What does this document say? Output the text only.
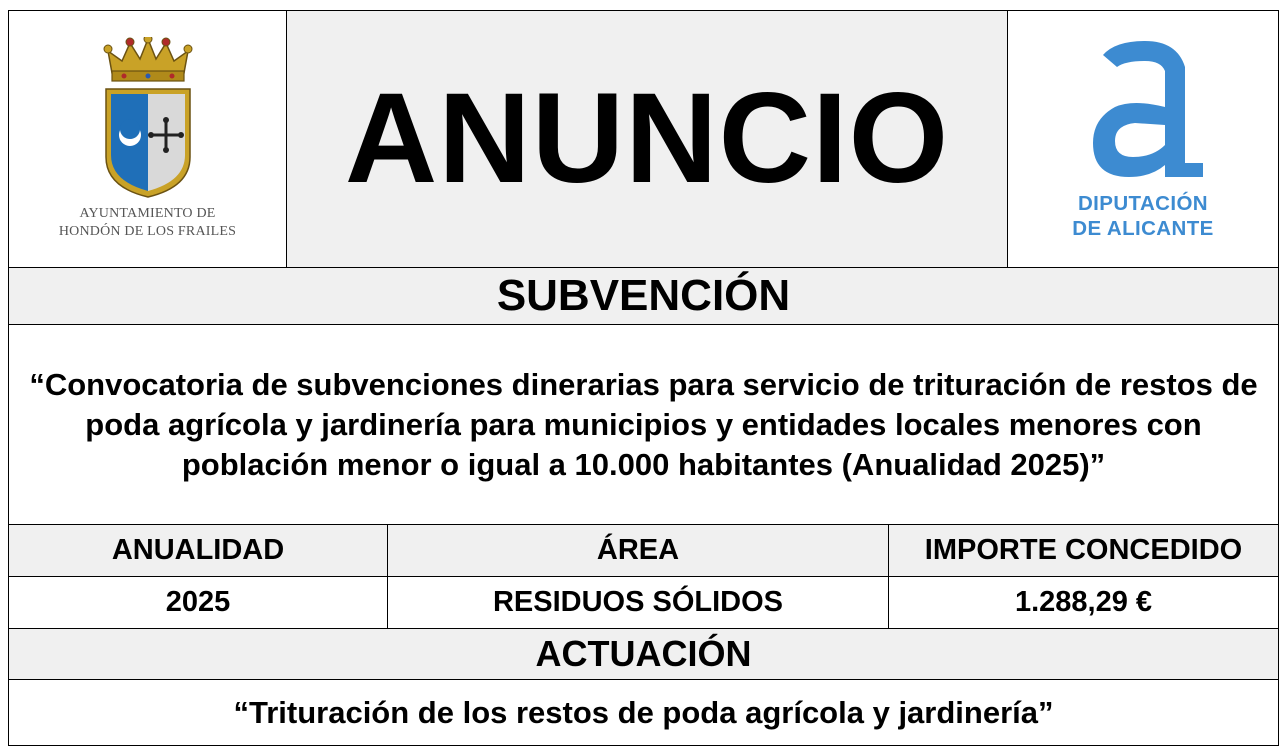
AYUNTAMIENTO DE
HONDÓN DE LOS FRAILES
ANUNCIO	DIPUTACIÓN
DE ALICANTE
SUBVENCIÓN
“Convocatoria de subvenciones dinerarias para servicio de trituración de restos de poda agrícola y jardinería para municipios y entidades locales menores con población menor o igual a 10.000 habitantes (Anualidad 2025)”
ANUALIDAD	ÁREA	IMPORTE CONCEDIDO
2025	RESIDUOS SÓLIDOS	1.288,29 €
ACTUACIÓN
“Trituración de los restos de poda agrícola y jardinería”
